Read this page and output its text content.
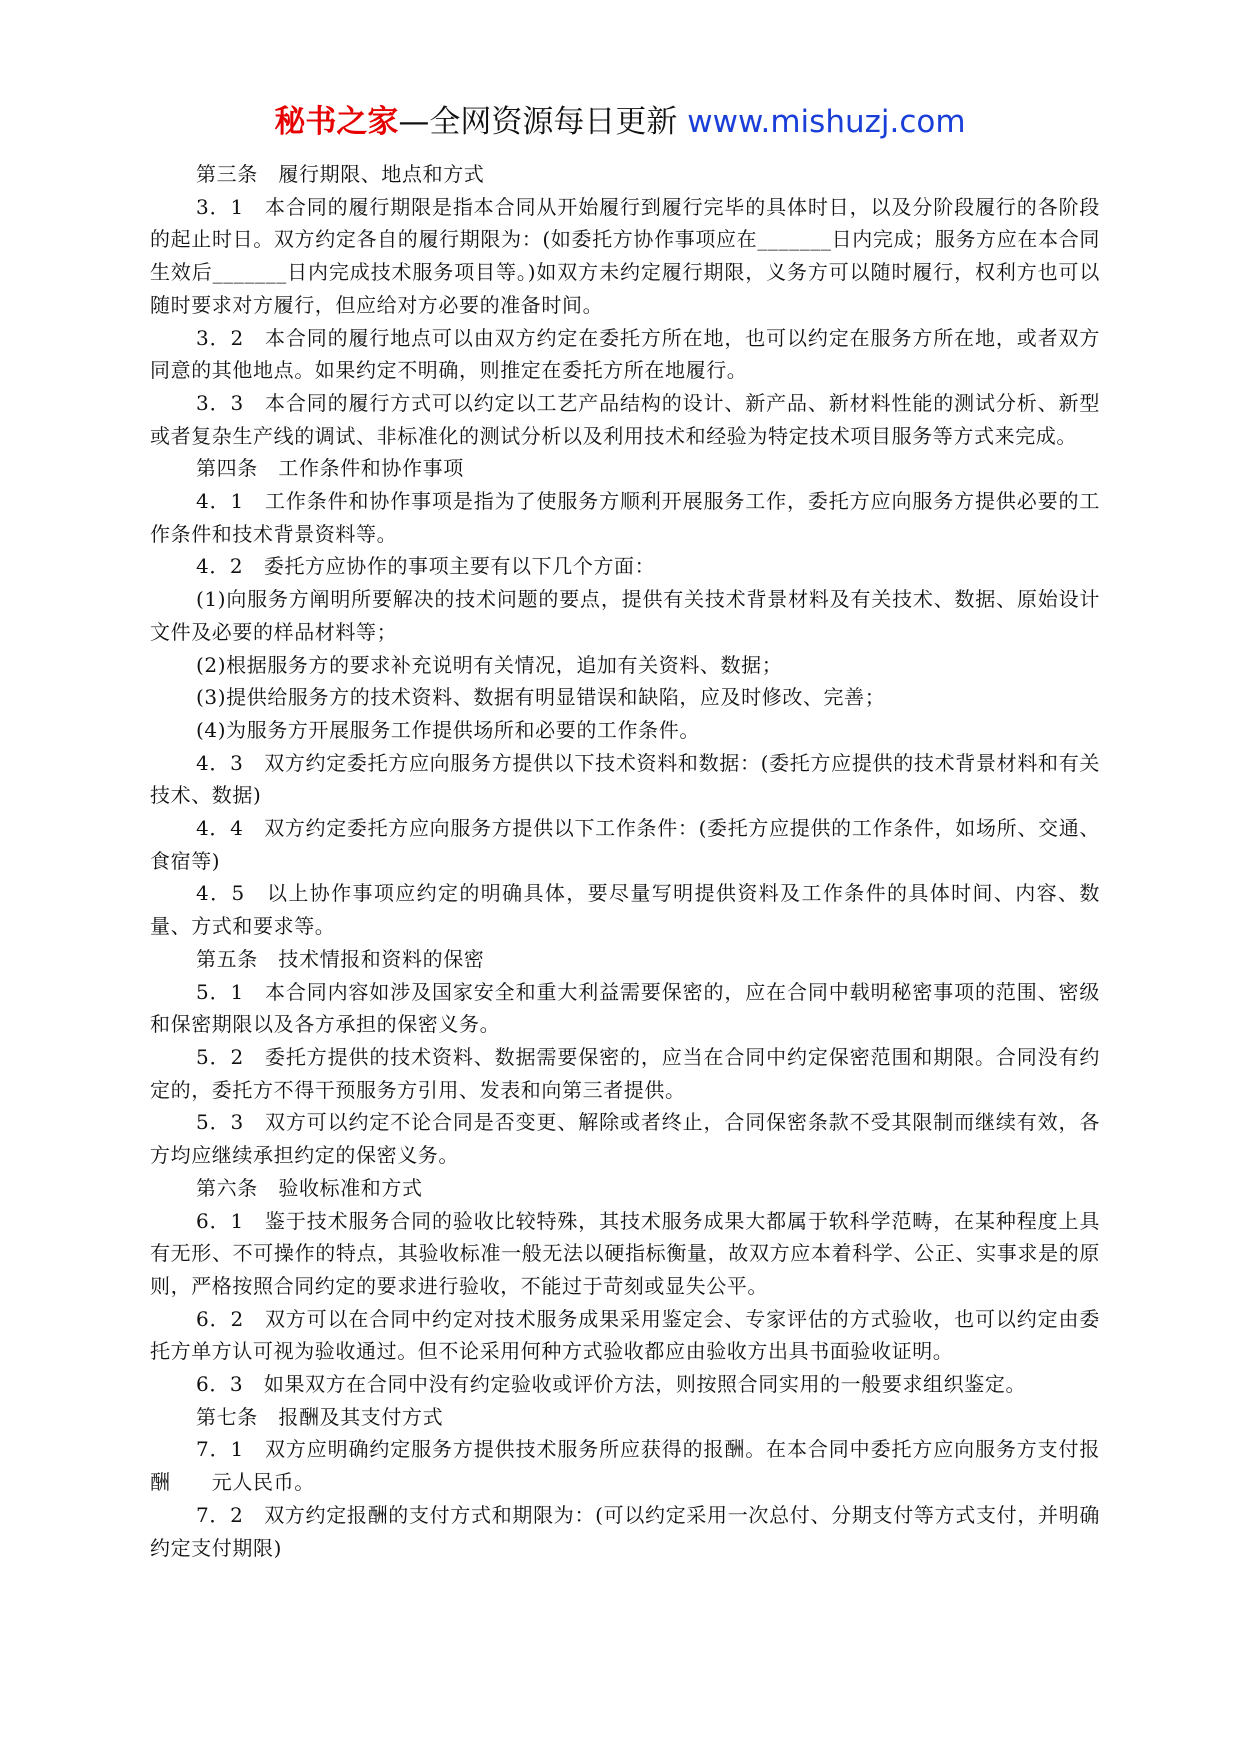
秘书之家—全网资源每日更新 www.mishuzj.com

第三条　履行期限、地点和方式

3．1　本合同的履行期限是指本合同从开始履行到履行完毕的具体时日，以及分阶段履行的各阶段的起止时日。双方约定各自的履行期限为：(如委托方协作事项应在_______日内完成；服务方应在本合同生效后_______日内完成技术服务项目等。)如双方未约定履行期限，义务方可以随时履行，权利方也可以随时要求对方履行，但应给对方必要的准备时间。

3．2　本合同的履行地点可以由双方约定在委托方所在地，也可以约定在服务方所在地，或者双方同意的其他地点。如果约定不明确，则推定在委托方所在地履行。

3．3　本合同的履行方式可以约定以工艺产品结构的设计、新产品、新材料性能的测试分析、新型或者复杂生产线的调试、非标准化的测试分析以及利用技术和经验为特定技术项目服务等方式来完成。

第四条　工作条件和协作事项

4．1　工作条件和协作事项是指为了使服务方顺利开展服务工作，委托方应向服务方提供必要的工作条件和技术背景资料等。

4．2　委托方应协作的事项主要有以下几个方面：

(1)向服务方阐明所要解决的技术问题的要点，提供有关技术背景材料及有关技术、数据、原始设计文件及必要的样品材料等；

(2)根据服务方的要求补充说明有关情况，追加有关资料、数据；

(3)提供给服务方的技术资料、数据有明显错误和缺陷，应及时修改、完善；

(4)为服务方开展服务工作提供场所和必要的工作条件。

4．3　双方约定委托方应向服务方提供以下技术资料和数据：(委托方应提供的技术背景材料和有关技术、数据)

4．4　双方约定委托方应向服务方提供以下工作条件：(委托方应提供的工作条件，如场所、交通、食宿等)

4．5　以上协作事项应约定的明确具体，要尽量写明提供资料及工作条件的具体时间、内容、数量、方式和要求等。

第五条　技术情报和资料的保密

5．1　本合同内容如涉及国家安全和重大利益需要保密的，应在合同中载明秘密事项的范围、密级和保密期限以及各方承担的保密义务。

5．2　委托方提供的技术资料、数据需要保密的，应当在合同中约定保密范围和期限。合同没有约定的，委托方不得干预服务方引用、发表和向第三者提供。

5．3　双方可以约定不论合同是否变更、解除或者终止，合同保密条款不受其限制而继续有效，各方均应继续承担约定的保密义务。

第六条　验收标准和方式

6．1　鉴于技术服务合同的验收比较特殊，其技术服务成果大都属于软科学范畴，在某种程度上具有无形、不可操作的特点，其验收标准一般无法以硬指标衡量，故双方应本着科学、公正、实事求是的原则，严格按照合同约定的要求进行验收，不能过于苛刻或显失公平。

6．2　双方可以在合同中约定对技术服务成果采用鉴定会、专家评估的方式验收，也可以约定由委托方单方认可视为验收通过。但不论采用何种方式验收都应由验收方出具书面验收证明。

6．3　如果双方在合同中没有约定验收或评价方法，则按照合同实用的一般要求组织鉴定。

第七条　报酬及其支付方式

7．1　双方应明确约定服务方提供技术服务所应获得的报酬。在本合同中委托方应向服务方支付报酬　　元人民币。

7．2　双方约定报酬的支付方式和期限为：(可以约定采用一次总付、分期支付等方式支付，并明确约定支付期限)
